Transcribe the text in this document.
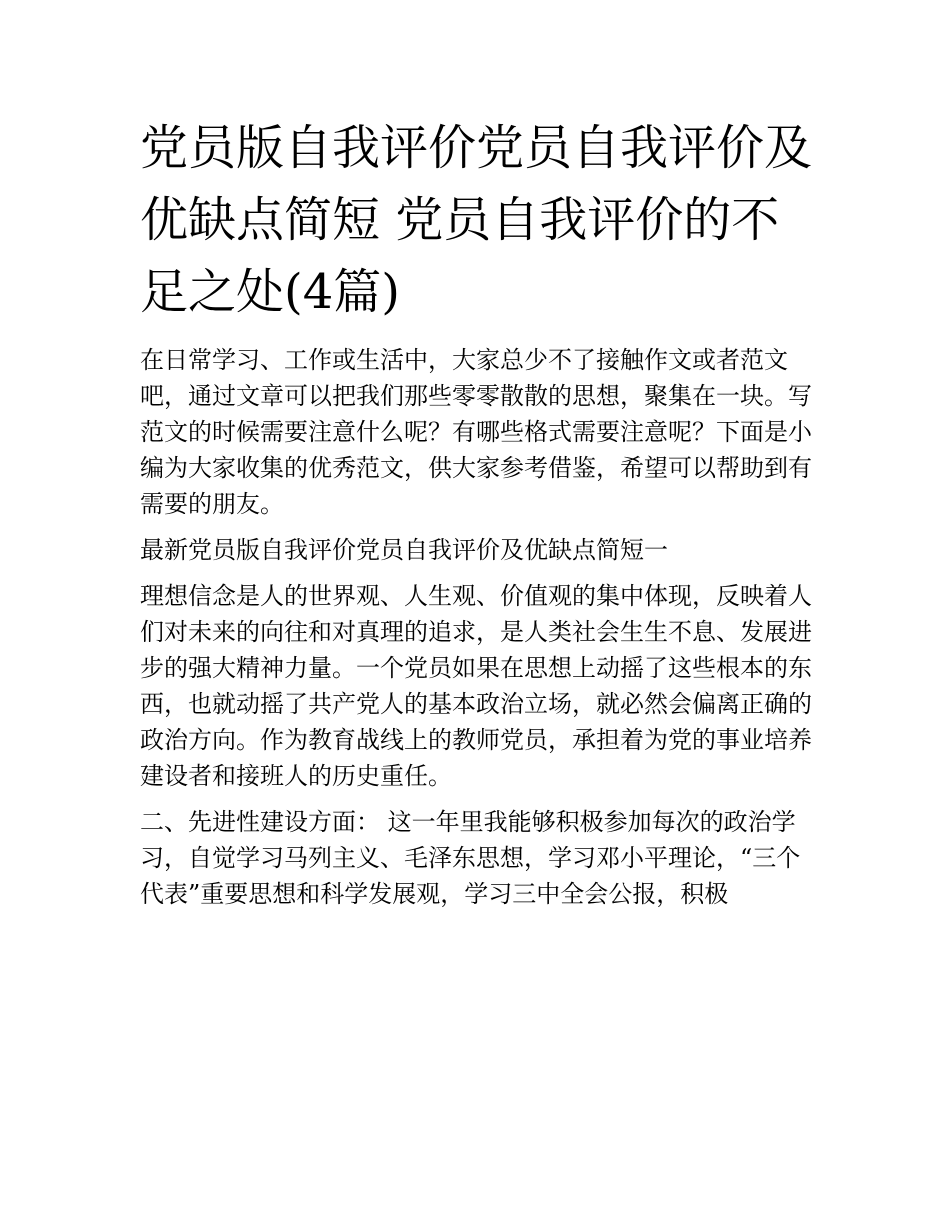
党员版自我评价党员自我评价及优缺点简短 党员自我评价的不足之处(4篇)

在日常学习、工作或生活中，大家总少不了接触作文或者范文吧，通过文章可以把我们那些零零散散的思想，聚集在一块。写范文的时候需要注意什么呢？有哪些格式需要注意呢？下面是小编为大家收集的优秀范文，供大家参考借鉴，希望可以帮助到有需要的朋友。

最新党员版自我评价党员自我评价及优缺点简短一

理想信念是人的世界观、人生观、价值观的集中体现，反映着人们对未来的向往和对真理的追求，是人类社会生生不息、发展进步的强大精神力量。一个党员如果在思想上动摇了这些根本的东西，也就动摇了共产党人的基本政治立场，就必然会偏离正确的政治方向。作为教育战线上的教师党员，承担着为党的事业培养建设者和接班人的历史重任。

二、先进性建设方面： 这一年里我能够积极参加每次的政治学习，自觉学习马列主义、毛泽东思想，学习邓小平理论，“三个代表”重要思想和科学发展观，学习三中全会公报，积极
